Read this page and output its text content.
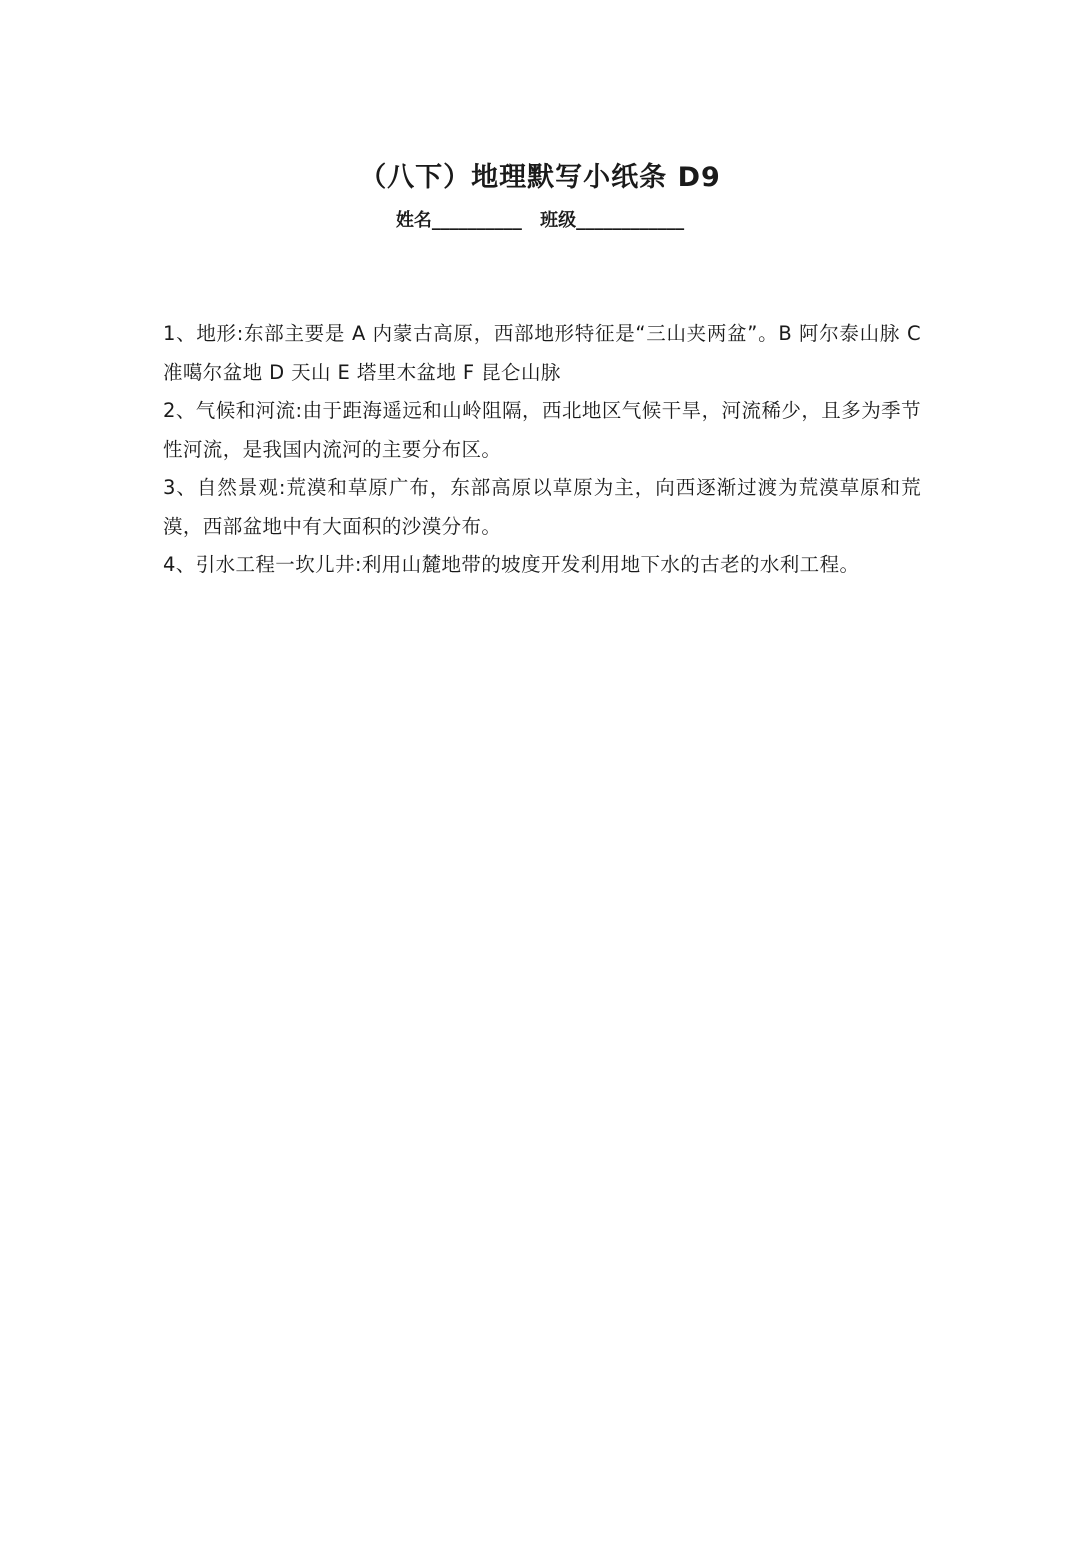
（八下）地理默写小纸条 D9
姓名__________ 班级____________

1、地形:东部主要是 A 内蒙古高原，西部地形特征是“三山夹两盆”。B 阿尔泰山脉 C 准噶尔盆地 D 天山 E 塔里木盆地 F 昆仑山脉

2、气候和河流:由于距海遥远和山岭阻隔，西北地区气候干旱，河流稀少，且多为季节性河流，是我国内流河的主要分布区。

3、自然景观:荒漠和草原广布，东部高原以草原为主，向西逐渐过渡为荒漠草原和荒漠，西部盆地中有大面积的沙漠分布。

4、引水工程一坎儿井:利用山麓地带的坡度开发利用地下水的古老的水利工程。
